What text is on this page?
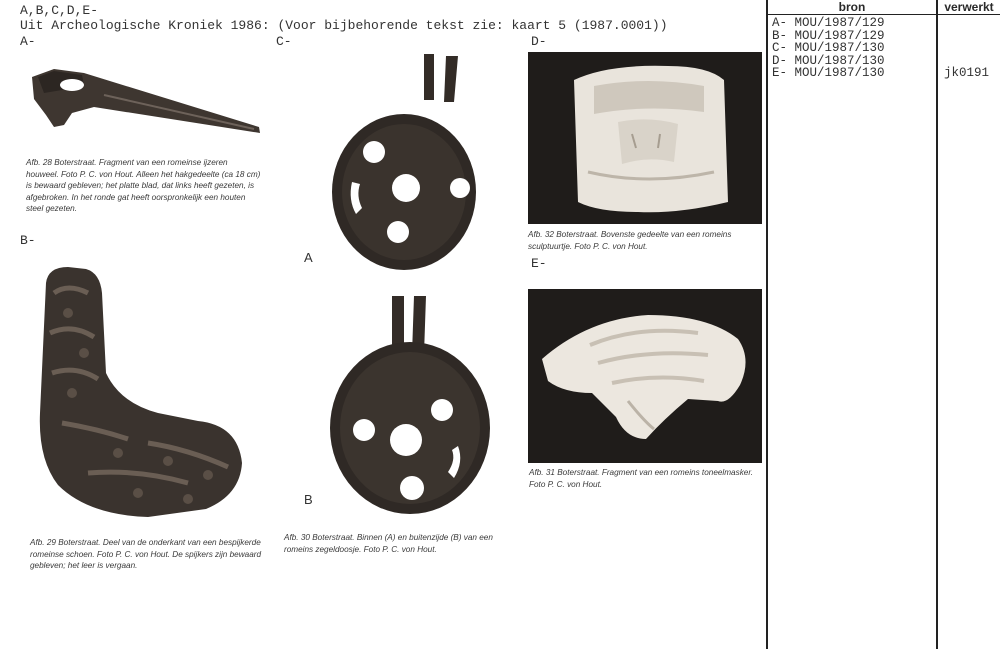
A,B,C,D,E-
Uit Archeologische Kroniek 1986: (Voor bijbehorende tekst zie: kaart 5 (1987.0001))
A-	C-	D-
B-
E-
Afb. 28 Boterstraat. Fragment van een romeinse ijzeren houweel. Foto P. C. von Hout. Alleen het hakgedeelte (ca 18 cm) is bewaard gebleven; het platte blad, dat links heeft gezeten, is afgebroken. In het ronde gat heeft oorspronkelijk een houten steel gezeten.
Afb. 29 Boterstraat. Deel van de onderkant van een bespijkerde romeinse schoen. Foto P. C. von Hout. De spijkers zijn bewaard gebleven; het leer is vergaan.
A
B
Afb. 30 Boterstraat. Binnen (A) en buitenzijde (B) van een romeins zegeldoosje. Foto P. C. von Hout.
Afb. 32 Boterstraat. Bovenste gedeelte van een romeins sculptuurtje. Foto P. C. von Hout.
Afb. 31 Boterstraat. Fragment van een romeins toneelmasker. Foto P. C. von Hout.
bron	verwerkt
A- MOU/1987/129
B- MOU/1987/129
C- MOU/1987/130
D- MOU/1987/130
E- MOU/1987/130	jk0191
